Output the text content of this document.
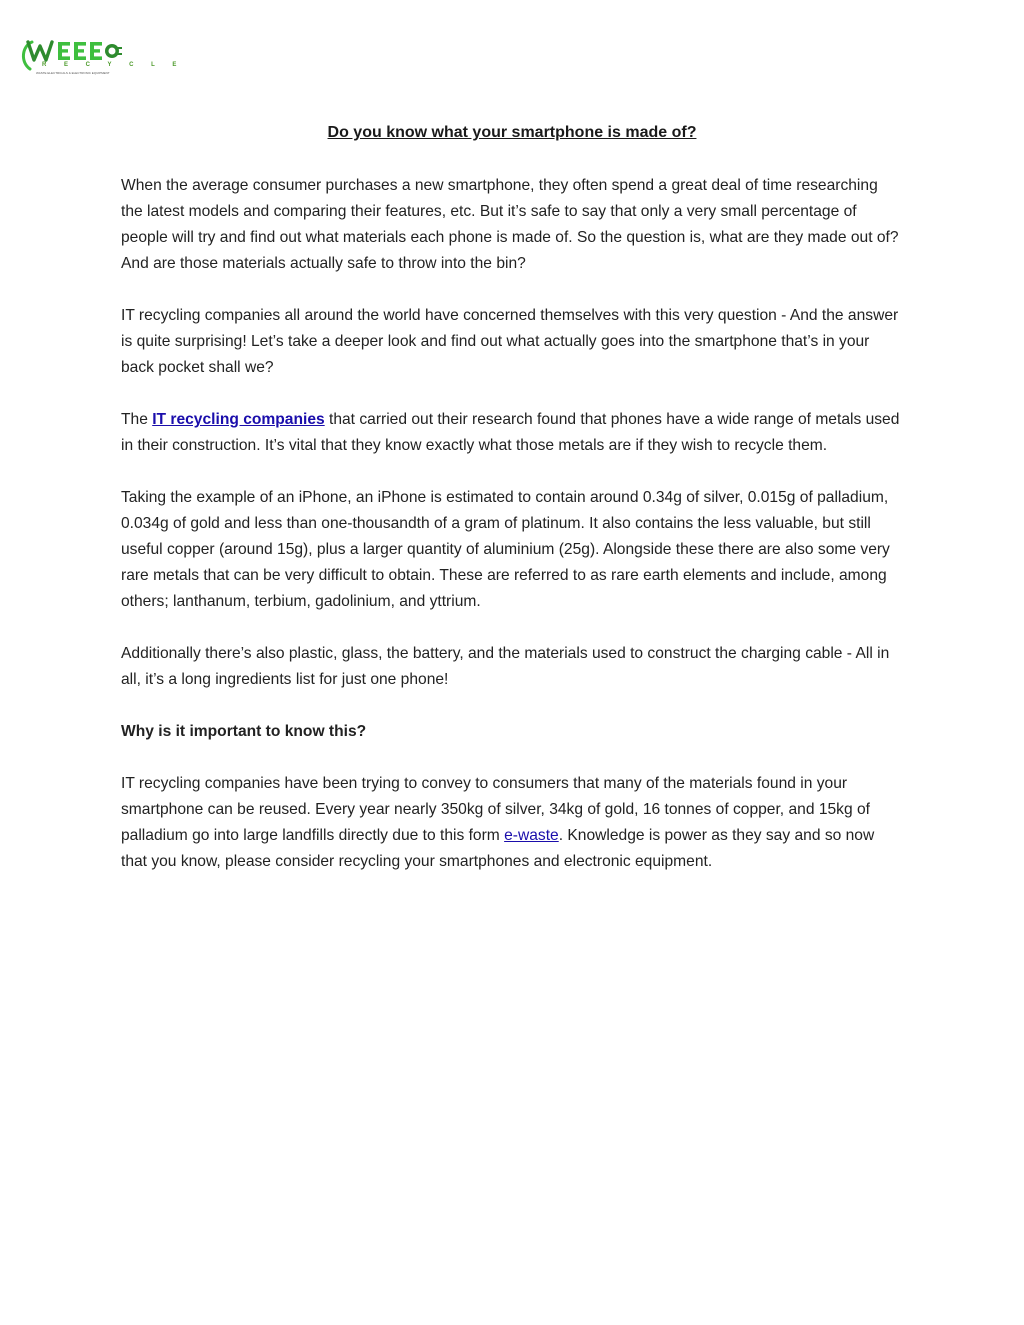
R E C Y C L E
WASTE ELECTRICALS & ELECTRONIC EQUIPMENT
Do you know what your smartphone is made of?

When the average consumer purchases a new smartphone, they often spend a great deal of time researching the latest models and comparing their features, etc. But it’s safe to say that only a very small percentage of people will try and find out what materials each phone is made of. So the question is, what are they made out of? And are those materials actually safe to throw into the bin?

IT recycling companies all around the world have concerned themselves with this very question - And the answer is quite surprising! Let’s take a deeper look and find out what actually goes into the smartphone that’s in your back pocket shall we?

The IT recycling companies that carried out their research found that phones have a wide range of metals used in their construction. It’s vital that they know exactly what those metals are if they wish to recycle them.

Taking the example of an iPhone, an iPhone is estimated to contain around 0.34g of silver, 0.015g of palladium, 0.034g of gold and less than one-thousandth of a gram of platinum. It also contains the less valuable, but still useful copper (around 15g), plus a larger quantity of aluminium (25g). Alongside these there are also some very rare metals that can be very difficult to obtain. These are referred to as rare earth elements and include, among others; lanthanum, terbium, gadolinium, and yttrium.

Additionally there’s also plastic, glass, the battery, and the materials used to construct the charging cable - All in all, it’s a long ingredients list for just one phone!

Why is it important to know this?

IT recycling companies have been trying to convey to consumers that many of the materials found in your smartphone can be reused. Every year nearly 350kg of silver, 34kg of gold, 16 tonnes of copper, and 15kg of palladium go into large landfills directly due to this form e-waste. Knowledge is power as they say and so now that you know, please consider recycling your smartphones and electronic equipment.
